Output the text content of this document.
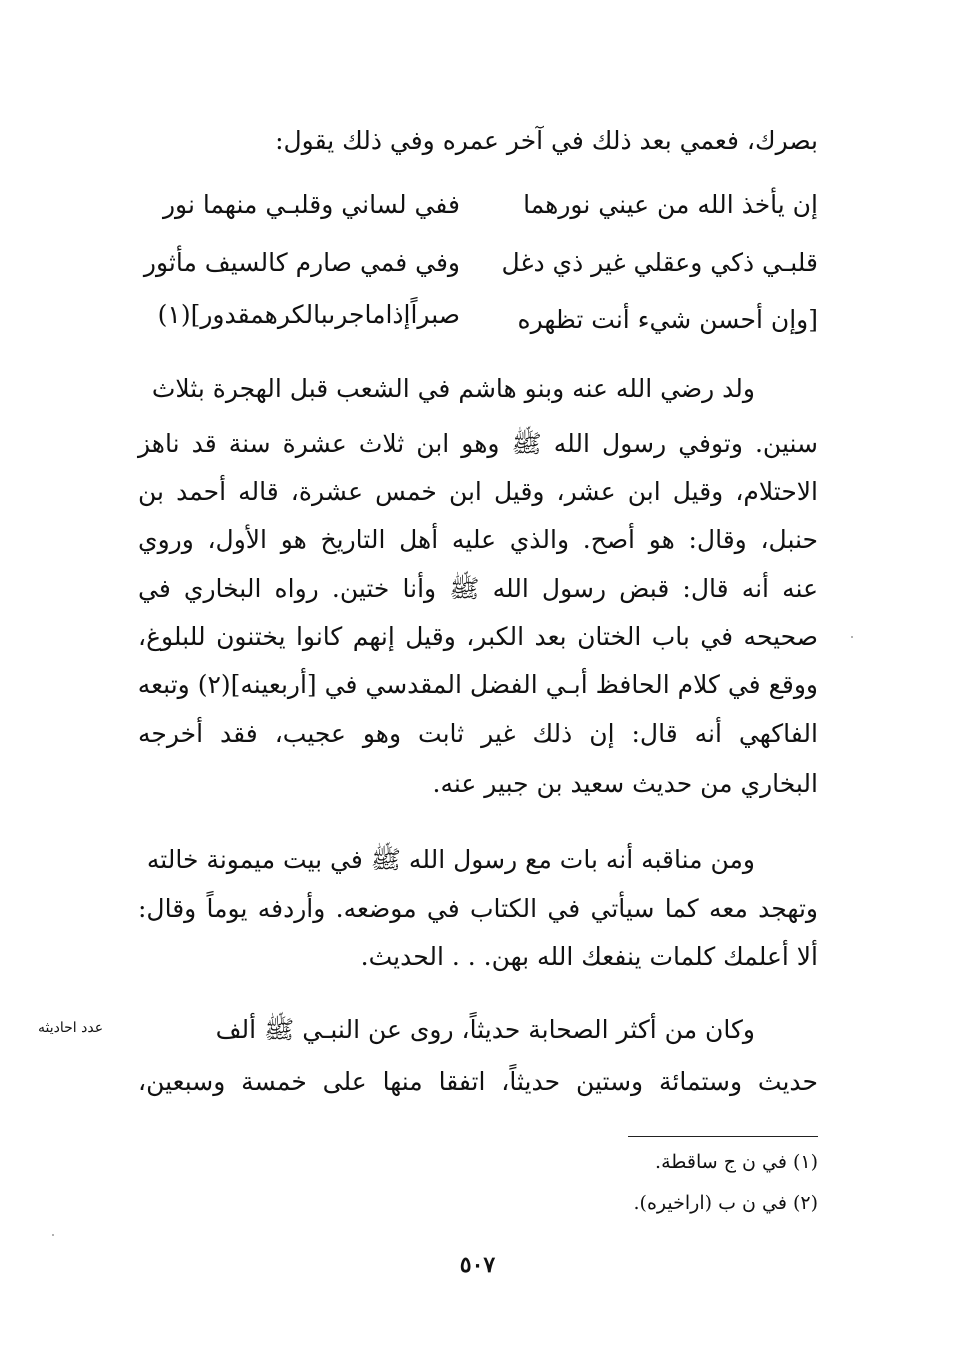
بصرك، فعمي بعد ذلك في آخر عمره وفي ذلك يقول:
إن يأخذ الله من عيني نورهما
ففي لساني وقلبـي منهما نور
قلبـي ذكي وعقلي غير ذي دغل
وفي فمي صارم كالسيف مأثور
[وإن أحسن شيء أنت تظهره
صبراًإذاماجرىبالكرهمقدور](١)
ولد رضي الله عنه وبنو هاشم في الشعب قبل الهجرة بثلاث
سنين. وتوفي رسول الله ﷺ وهو ابن ثلاث عشرة سنة قد ناهز
الاحتلام، وقيل ابن عشر، وقيل ابن خمس عشرة، قاله أحمد بن
حنبل، وقال: هو أصح. والذي عليه أهل التاريخ هو الأول، وروي
عنه أنه قال: قبض رسول الله ﷺ وأنا ختين. رواه البخاري في
صحيحه في باب الختان بعد الكبر، وقيل إنهم كانوا يختنون للبلوغ،
ووقع في كلام الحافظ أبـي الفضل المقدسي في [أربعينه](٢) وتبعه
الفاكهي أنه قال: إن ذلك غير ثابت وهو عجيب، فقد أخرجه
البخاري من حديث سعيد بن جبير عنه.
ومن مناقبه أنه بات مع رسول الله ﷺ في بيت ميمونة خالته
وتهجد معه كما سيأتي في الكتاب في موضعه. وأردفه يوماً وقال:
ألا أعلمك كلمات ينفعك الله بهن. . . الحديث.
عدد احاديثه	وكان من أكثر الصحابة حديثاً، روى عن النبـي ﷺ ألف
حديث وستمائة وستين حديثاً، اتفقا منها على خمسة وسبعين،
(١) في ن ج ساقطة.
(٢) في ن ب (اراخيره).
٥٠٧
